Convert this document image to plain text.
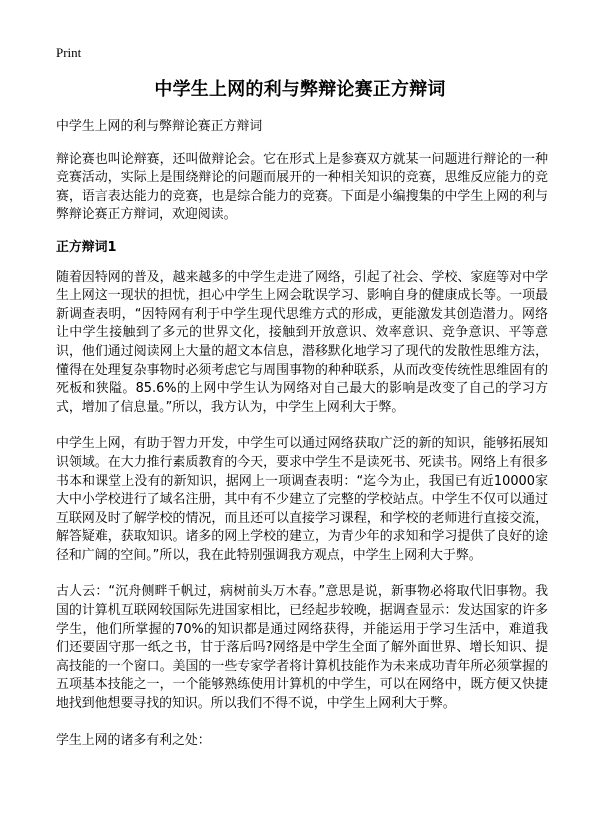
Print
中学生上网的利与弊辩论赛正方辩词

中学生上网的利与弊辩论赛正方辩词

辩论赛也叫论辩赛，还叫做辩论会。它在形式上是参赛双方就某一问题进行辩论的一种竞赛活动，实际上是围绕辩论的问题而展开的一种相关知识的竞赛，思维反应能力的竞赛，语言表达能力的竞赛，也是综合能力的竞赛。下面是小编搜集的中学生上网的利与弊辩论赛正方辩词，欢迎阅读。

正方辩词1

随着因特网的普及，越来越多的中学生走进了网络，引起了社会、学校、家庭等对中学生上网这一现状的担忧，担心中学生上网会耽误学习、影响自身的健康成长等。一项最新调查表明，“因特网有利于中学生现代思维方式的形成，更能激发其创造潜力。网络让中学生接触到了多元的世界文化，接触到开放意识、效率意识、竞争意识、平等意识，他们通过阅读网上大量的超文本信息，潜移默化地学习了现代的发散性思维方法，懂得在处理复杂事物时必须考虑它与周围事物的种种联系，从而改变传统性思维固有的死板和狭隘。85.6%的上网中学生认为网络对自己最大的影响是改变了自己的学习方式，增加了信息量。”所以，我方认为，中学生上网利大于弊。

中学生上网，有助于智力开发，中学生可以通过网络获取广泛的新的知识，能够拓展知识领域。在大力推行素质教育的今天，要求中学生不是读死书、死读书。网络上有很多书本和课堂上没有的新知识，据网上一项调查表明：“迄今为止，我国已有近10000家大中小学校进行了域名注册，其中有不少建立了完整的学校站点。中学生不仅可以通过互联网及时了解学校的情况，而且还可以直接学习课程，和学校的老师进行直接交流，解答疑难，获取知识。诸多的网上学校的建立，为青少年的求知和学习提供了良好的途径和广阔的空间。”所以，我在此特别强调我方观点，中学生上网利大于弊。

古人云：“沉舟侧畔千帆过，病树前头万木春。”意思是说，新事物必将取代旧事物。我国的计算机互联网较国际先进国家相比，已经起步较晚，据调查显示：发达国家的许多学生，他们所掌握的70%的知识都是通过网络获得，并能运用于学习生活中，难道我们还要固守那一纸之书，甘于落后吗?网络是中学生全面了解外面世界、增长知识、提高技能的一个窗口。美国的一些专家学者将计算机技能作为未来成功青年所必须掌握的五项基本技能之一，一个能够熟练使用计算机的中学生，可以在网络中，既方便又快捷地找到他想要寻找的知识。所以我们不得不说，中学生上网利大于弊。

学生上网的诸多有利之处：
